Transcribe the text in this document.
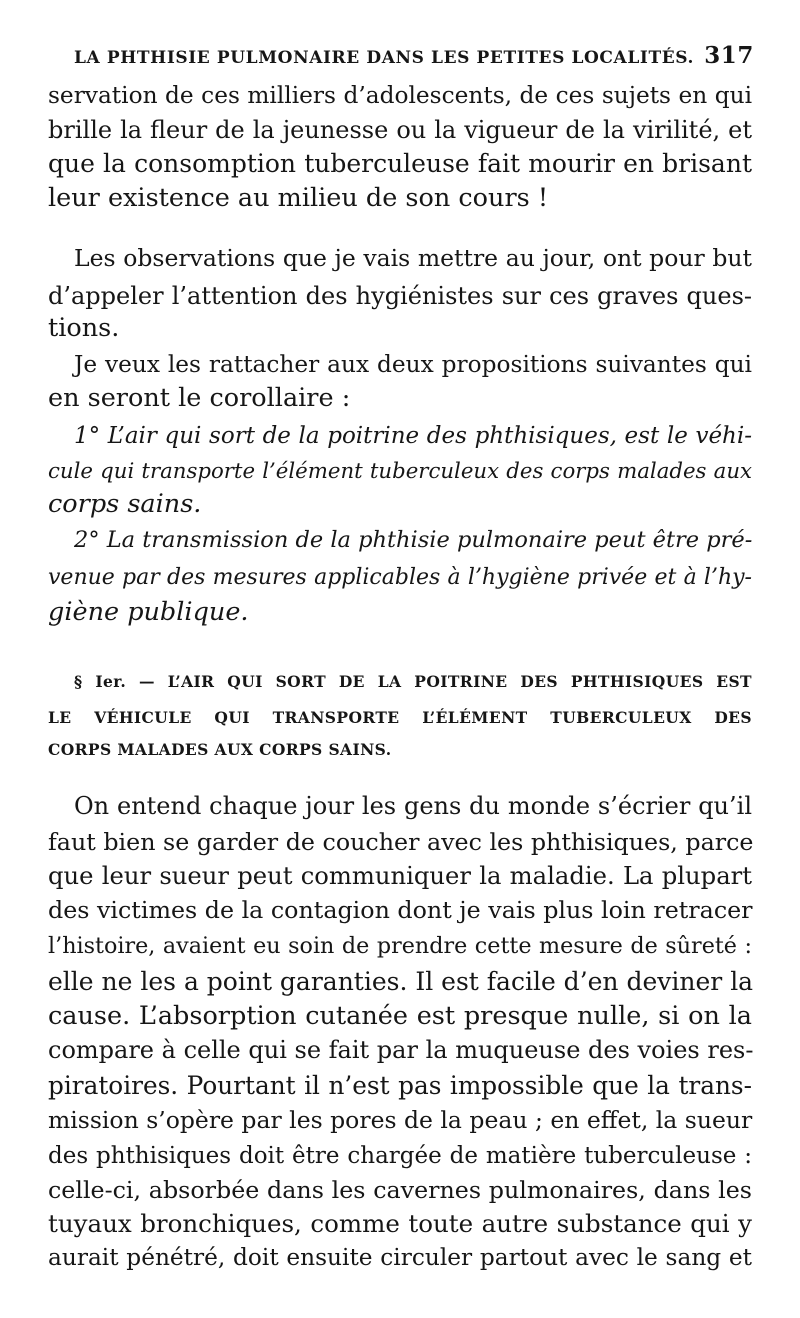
LA PHTHISIE PULMONAIRE DANS LES PETITES LOCALITÉS. 317
servation de ces milliers d’adolescents, de ces sujets en qui
brille la fleur de la jeunesse ou la vigueur de la virilité, et
que la consomption tuberculeuse fait mourir en brisant
leur existence au milieu de son cours !
Les observations que je vais mettre au jour, ont pour but
d’appeler l’attention des hygiénistes sur ces graves ques-
tions.
Je veux les rattacher aux deux propositions suivantes qui
en seront le corollaire :
1° L’air qui sort de la poitrine des phthisiques, est le véhi-
cule qui transporte l’élément tuberculeux des corps malades aux
corps sains.
2° La transmission de la phthisie pulmonaire peut être pré-
venue par des mesures applicables à l’hygiène privée et à l’hy-
giène publique.
§ Ier. — L’AIR QUI SORT DE LA POITRINE DES PHTHISIQUES EST
LE VÉHICULE QUI TRANSPORTE L’ÉLÉMENT TUBERCULEUX DES
CORPS MALADES AUX CORPS SAINS.
On entend chaque jour les gens du monde s’écrier qu’il
faut bien se garder de coucher avec les phthisiques, parce
que leur sueur peut communiquer la maladie. La plupart
des victimes de la contagion dont je vais plus loin retracer
l’histoire, avaient eu soin de prendre cette mesure de sûreté :
elle ne les a point garanties. Il est facile d’en deviner la
cause. L’absorption cutanée est presque nulle, si on la
compare à celle qui se fait par la muqueuse des voies res-
piratoires. Pourtant il n’est pas impossible que la trans-
mission s’opère par les pores de la peau ; en effet, la sueur
des phthisiques doit être chargée de matière tuberculeuse :
celle-ci, absorbée dans les cavernes pulmonaires, dans les
tuyaux bronchiques, comme toute autre substance qui y
aurait pénétré, doit ensuite circuler partout avec le sang et
